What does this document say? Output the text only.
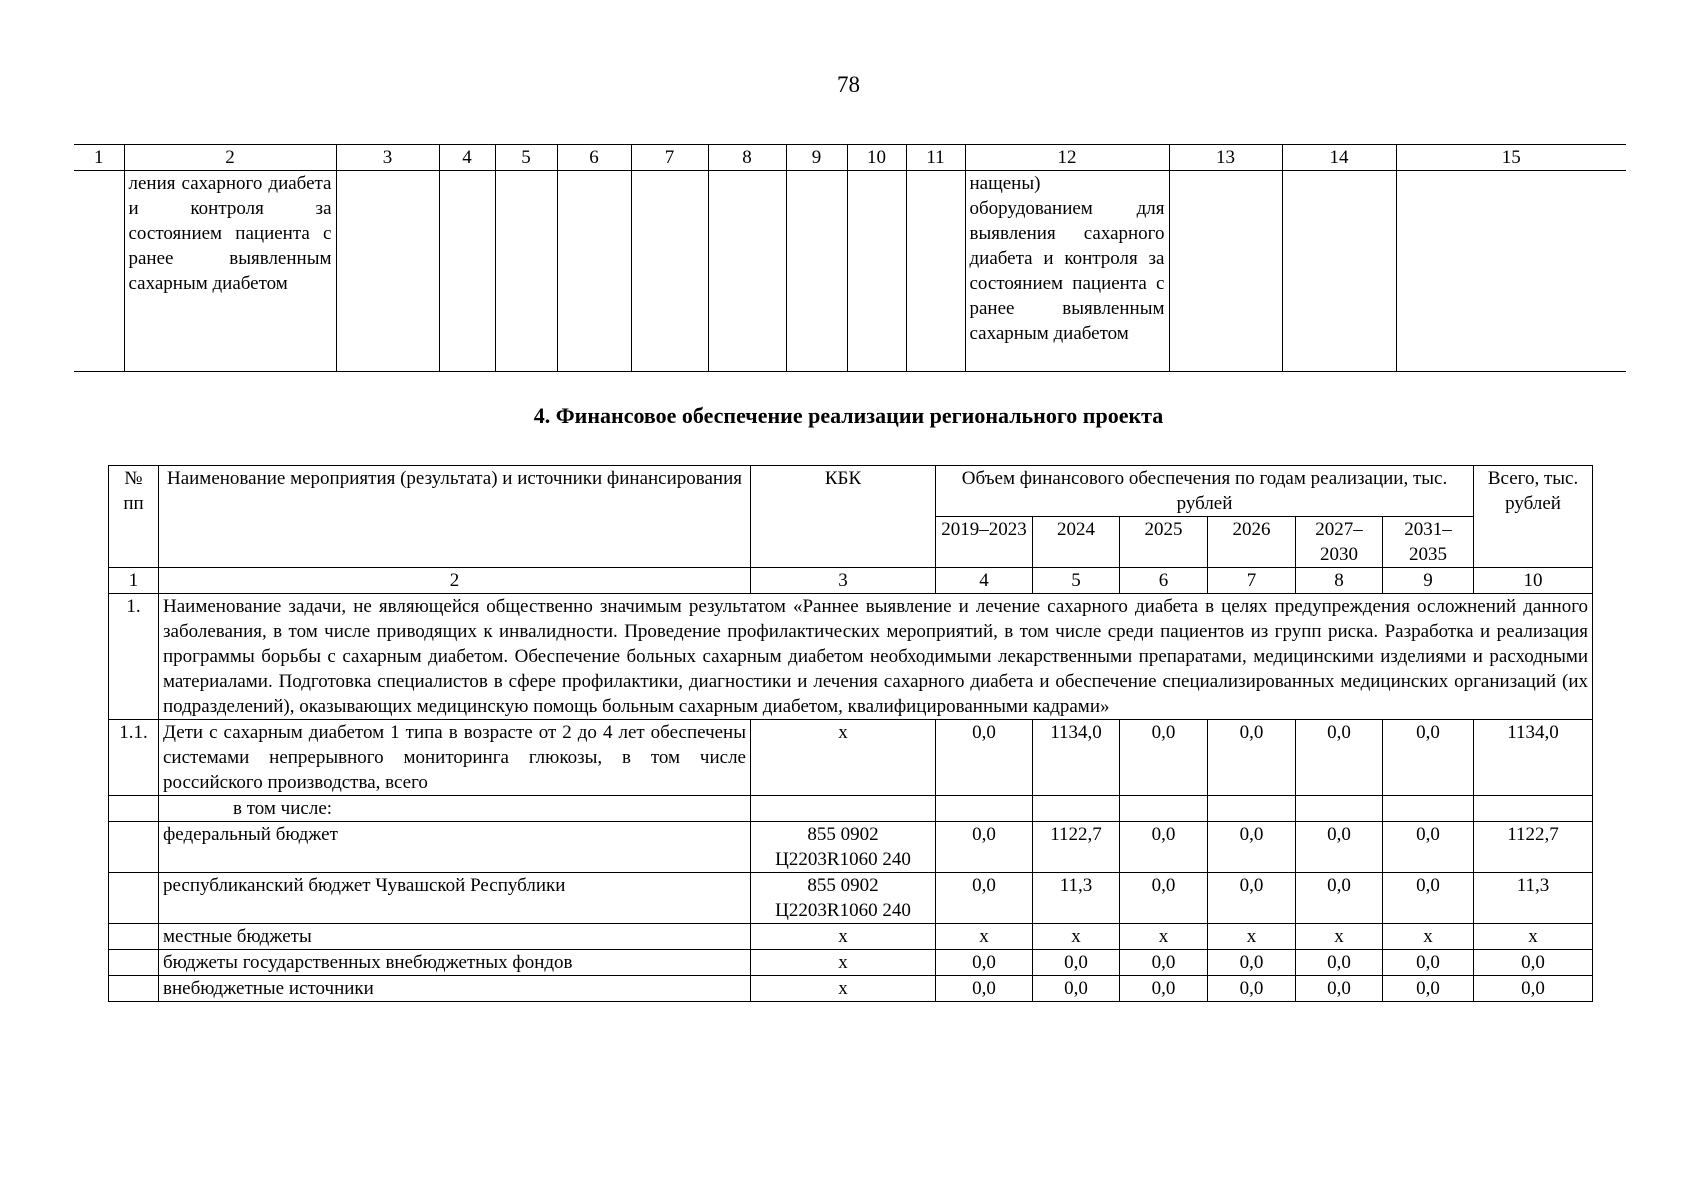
78
1	2	3	4	5	6	7	8	9	10	11	12	13	14	15
	ления сахарного диабета и контроля за состоянием пациента с ранее выявленным сахарным диабетом										нащены) оборудованием для выявления сахарного диабета и контроля за состоянием пациента с ранее выявленным сахарным диабетом			
4. Финансовое обеспечение реализации регионального проекта
№ пп	Наименование мероприятия (результата) и источники финансирования	КБК	Объем финансового обеспечения по годам реализации, тыс. рублей						Всего, тыс. рублей
			2019–2023	2024	2025	2026	2027–2030	2031–2035	
1	2	3	4	5	6	7	8	9	10
1.	Наименование задачи, не являющейся общественно значимым результатом «Раннее выявление и лечение сахарного диабета в целях предупреждения осложнений данного заболевания, в том числе приводящих к инвалидности. Проведение профилактических мероприятий, в том числе среди пациентов из групп риска. Разработка и реализация программы борьбы с сахарным диабетом. Обеспечение больных сахарным диабетом необходимыми лекарственными препаратами, медицинскими изделиями и расходными материалами. Подготовка специалистов в сфере профилактики, диагностики и лечения сахарного диабета и обеспечение специализированных медицинских организаций (их подразделений), оказывающих медицинскую помощь больным сахарным диабетом, квалифицированными кадрами»								
1.1.	Дети с сахарным диабетом 1 типа в возрасте от 2 до 4 лет обеспечены системами непрерывного мониторинга глюкозы, в том числе российского производства, всего	х	0,0	1134,0	0,0	0,0	0,0	0,0	1134,0
	в том числе:								
	федеральный бюджет	855 0902 Ц2203R1060 240	0,0	1122,7	0,0	0,0	0,0	0,0	1122,7
	республиканский бюджет Чувашской Республики	855 0902 Ц2203R1060 240	0,0	11,3	0,0	0,0	0,0	0,0	11,3
	местные бюджеты	х	х	х	х	х	х	х	х
	бюджеты государственных внебюджетных фондов	х	0,0	0,0	0,0	0,0	0,0	0,0	0,0
	внебюджетные источники	х	0,0	0,0	0,0	0,0	0,0	0,0	0,0
